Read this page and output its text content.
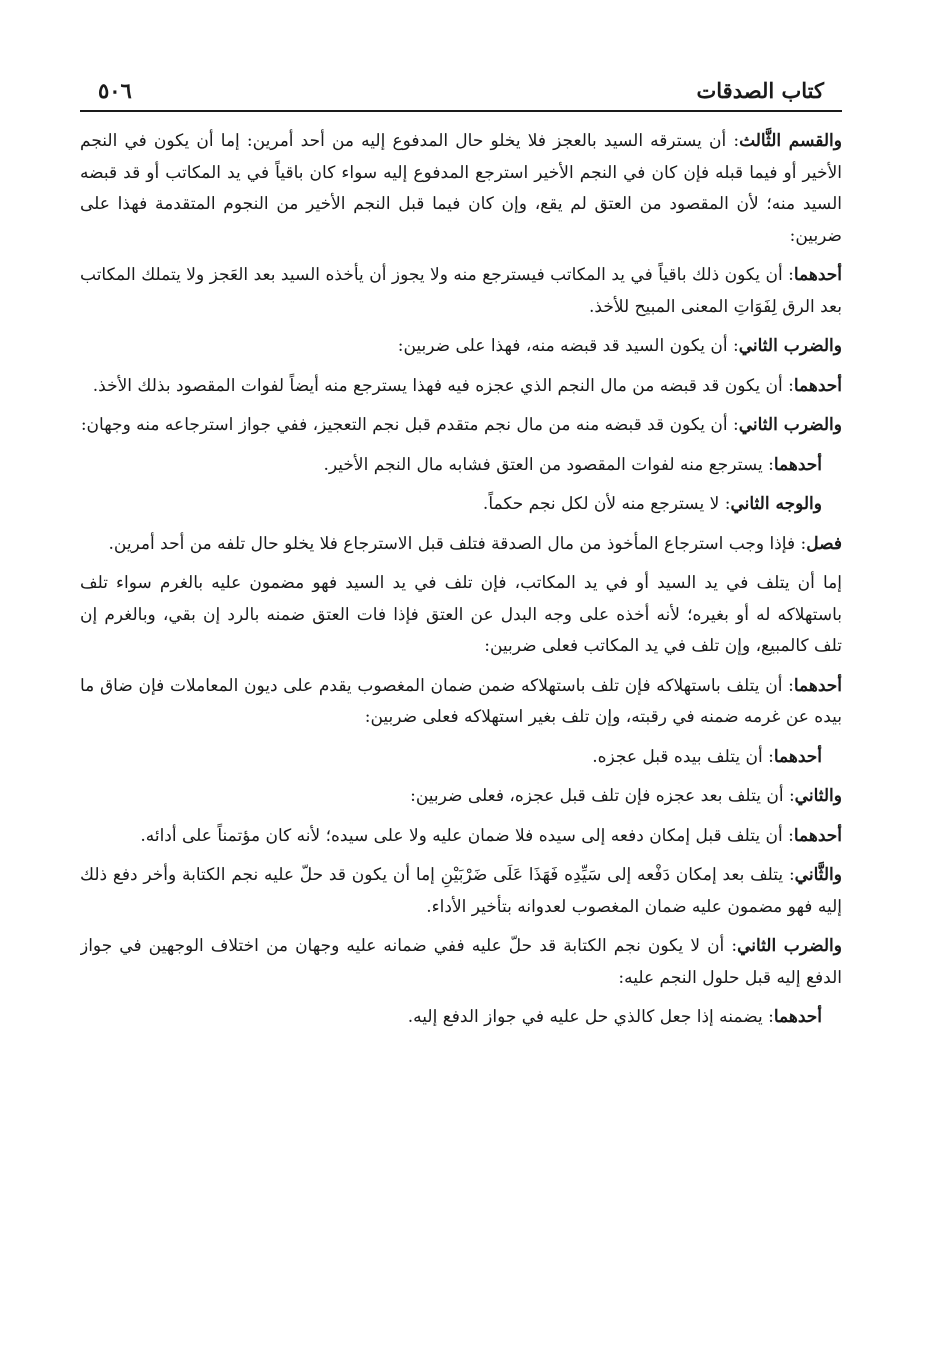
كتاب الصدقات
٥٠٦

والقسم الثَّالث: أن يسترقه السيد بالعجز فلا يخلو حال المدفوع إليه من أحد أمرين: إما أن يكون في النجم الأخير أو فيما قبله فإن كان في النجم الأخير استرجع المدفوع إليه سواء كان باقياً في يد المكاتب أو قد قبضه السيد منه؛ لأن المقصود من العتق لم يقع، وإن كان فيما قبل النجم الأخير من النجوم المتقدمة فهذا على ضربين:

أحدهما: أن يكون ذلك باقياً في يد المكاتب فيسترجع منه ولا يجوز أن يأخذه السيد بعد العَجز ولا يتملك المكاتب بعد الرق لِفَوَاتِ المعنى المبيح للأخذ.

والضرب الثاني: أن يكون السيد قد قبضه منه، فهذا على ضربين:

أحدهما: أن يكون قد قبضه من مال النجم الذي عجزه فيه فهذا يسترجع منه أيضاً لفوات المقصود بذلك الأخذ.

والضرب الثاني: أن يكون قد قبضه منه من مال نجم متقدم قبل نجم التعجيز، ففي جواز استرجاعه منه وجهان:

أحدهما: يسترجع منه لفوات المقصود من العتق فشابه مال النجم الأخير.

والوجه الثاني: لا يسترجع منه لأن لكل نجم حكماً.

فصل: فإذا وجب استرجاع المأخوذ من مال الصدقة فتلف قبل الاسترجاع فلا يخلو حال تلفه من أحد أمرين.

إما أن يتلف في يد السيد أو في يد المكاتب، فإن تلف في يد السيد فهو مضمون عليه بالغرم سواء تلف باستهلاكه له أو بغيره؛ لأنه أخذه على وجه البدل عن العتق فإذا فات العتق ضمنه بالرد إن بقي، وبالغرم إن تلف كالمبيع، وإن تلف في يد المكاتب فعلى ضربين:

أحدهما: أن يتلف باستهلاكه فإن تلف باستهلاكه ضمن ضمان المغصوب يقدم على ديون المعاملات فإن ضاق ما بيده عن غرمه ضمنه في رقبته، وإن تلف بغير استهلاكه فعلى ضربين:

أحدهما: أن يتلف بيده قبل عجزه.

والثاني: أن يتلف بعد عجزه فإن تلف قبل عجزه، فعلى ضربين:

أحدهما: أن يتلف قبل إمكان دفعه إلى سيده فلا ضمان عليه ولا على سيده؛ لأنه كان مؤتمناً على أدائه.

والثَّاني: يتلف بعد إمكان دَفْعه إلى سَيِّدِه فَهَذَا عَلَى ضَرْبَيْنِ إما أن يكون قد حلّ عليه نجم الكتابة وأخر دفع ذلك إليه فهو مضمون عليه ضمان المغصوب لعدوانه بتأخير الأداء.

والضرب الثاني: أن لا يكون نجم الكتابة قد حلّ عليه ففي ضمانه عليه وجهان من اختلاف الوجهين في جواز الدفع إليه قبل حلول النجم عليه:

أحدهما: يضمنه إذا جعل كالذي حل عليه في جواز الدفع إليه.
